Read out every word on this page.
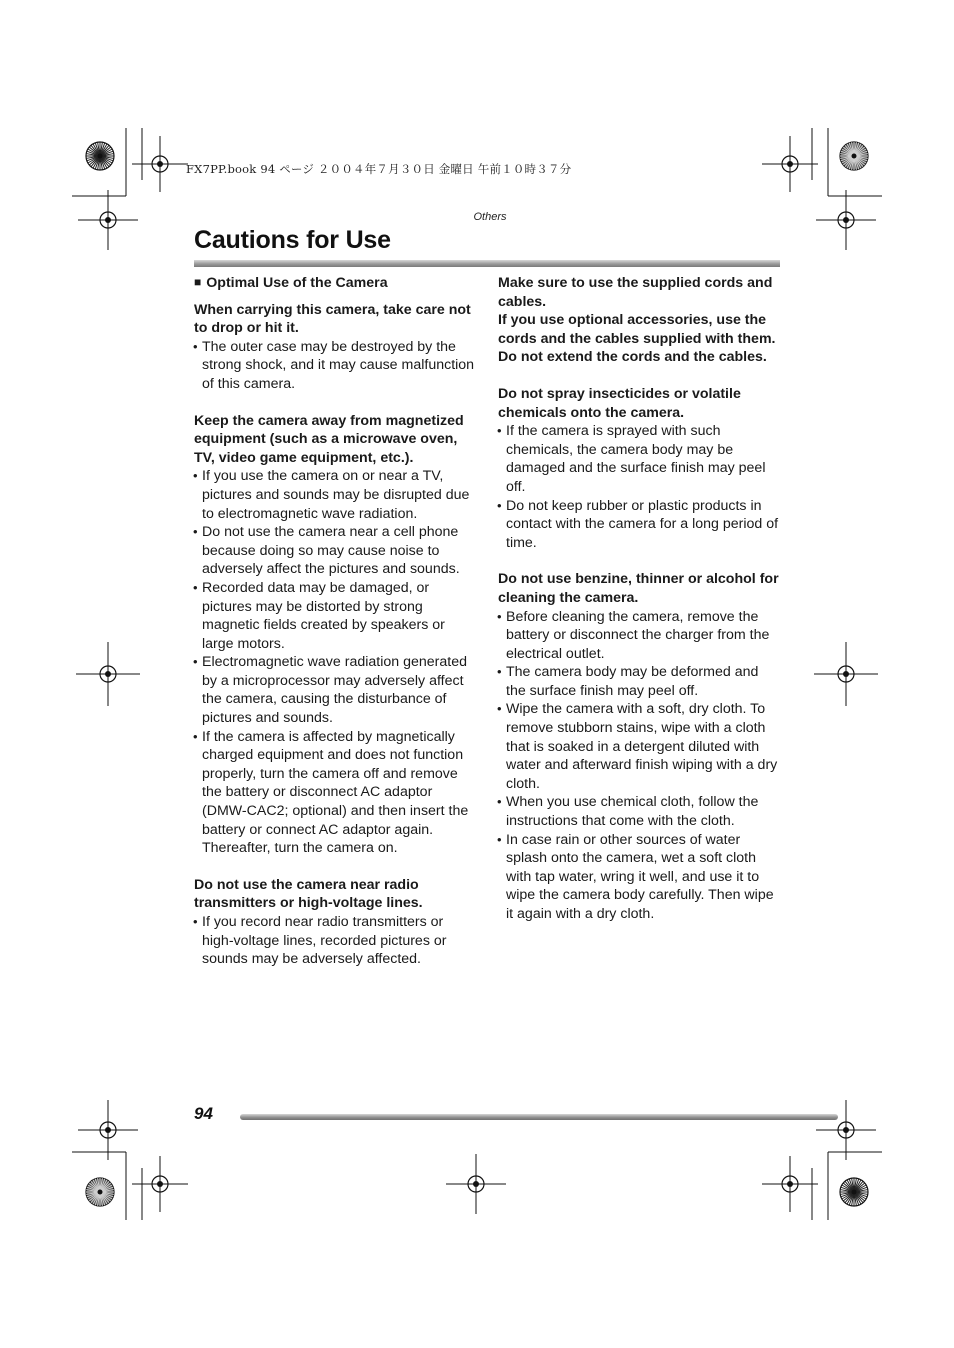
FX7PP.book 94 ページ ２００４年７月３０日 金曜日 午前１０時３７分
Others
Cautions for Use

■ Optimal Use of the Camera

When carrying this camera, take care not to drop or hit it.

• The outer case may be destroyed by the strong shock, and it may cause malfunction of this camera.

Keep the camera away from magnetized equipment (such as a microwave oven, TV, video game equipment, etc.).

• If you use the camera on or near a TV, pictures and sounds may be disrupted due to electromagnetic wave radiation.
• Do not use the camera near a cell phone because doing so may cause noise to adversely affect the pictures and sounds.
• Recorded data may be damaged, or pictures may be distorted by strong magnetic fields created by speakers or large motors.
• Electromagnetic wave radiation generated by a microprocessor may adversely affect the camera, causing the disturbance of pictures and sounds.
• If the camera is affected by magnetically charged equipment and does not function properly, turn the camera off and remove the battery or disconnect AC adaptor (DMW-CAC2; optional) and then insert the battery or connect AC adaptor again. Thereafter, turn the camera on.

Do not use the camera near radio transmitters or high-voltage lines.

• If you record near radio transmitters or high-voltage lines, recorded pictures or sounds may be adversely affected.

Make sure to use the supplied cords and cables.

If you use optional accessories, use the cords and the cables supplied with them.

Do not extend the cords and the cables.

Do not spray insecticides or volatile chemicals onto the camera.

• If the camera is sprayed with such chemicals, the camera body may be damaged and the surface finish may peel off.
• Do not keep rubber or plastic products in contact with the camera for a long period of time.

Do not use benzine, thinner or alcohol for cleaning the camera.

• Before cleaning the camera, remove the battery or disconnect the charger from the electrical outlet.
• The camera body may be deformed and the surface finish may peel off.
• Wipe the camera with a soft, dry cloth. To remove stubborn stains, wipe with a cloth that is soaked in a detergent diluted with water and afterward finish wiping with a dry cloth.
• When you use chemical cloth, follow the instructions that come with the cloth.
• In case rain or other sources of water splash onto the camera, wet a soft cloth with tap water, wring it well, and use it to wipe the camera body carefully. Then wipe it again with a dry cloth.
94
